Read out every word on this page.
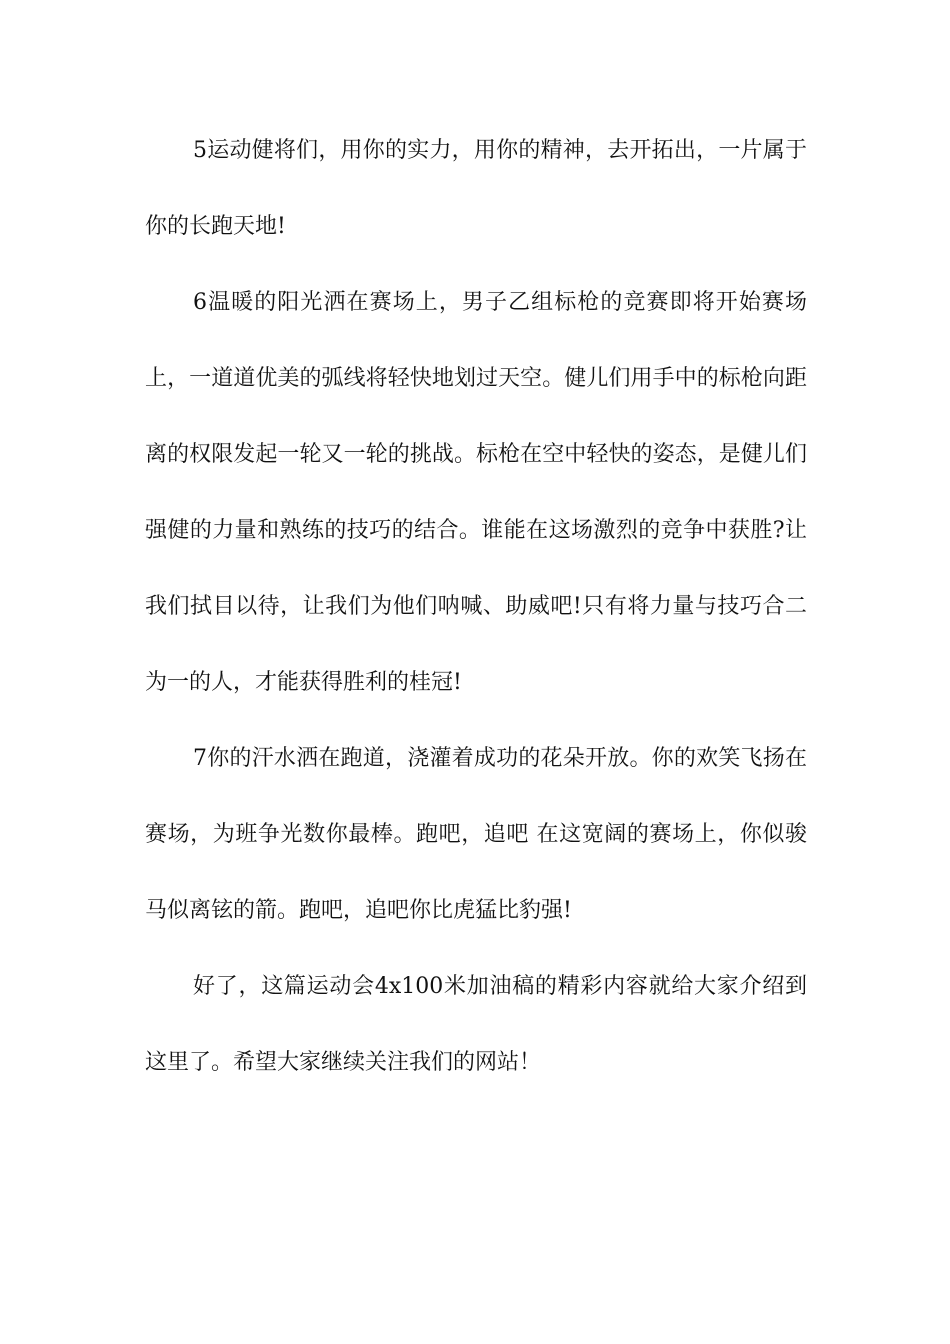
5运动健将们，用你的实力，用你的精神，去开拓出，一片属于你的长跑天地!

6温暖的阳光洒在赛场上，男子乙组标枪的竞赛即将开始赛场上，一道道优美的弧线将轻快地划过天空。健儿们用手中的标枪向距离的权限发起一轮又一轮的挑战。标枪在空中轻快的姿态，是健儿们强健的力量和熟练的技巧的结合。谁能在这场激烈的竞争中获胜?让我们拭目以待，让我们为他们呐喊、助威吧!只有将力量与技巧合二为一的人，才能获得胜利的桂冠!

7你的汗水洒在跑道，浇灌着成功的花朵开放。你的欢笑飞扬在赛场，为班争光数你最棒。跑吧，追吧 在这宽阔的赛场上，你似骏马似离铉的箭。跑吧，追吧你比虎猛比豹强!

好了，这篇运动会4x100米加油稿的精彩内容就给大家介绍到这里了。希望大家继续关注我们的网站！
